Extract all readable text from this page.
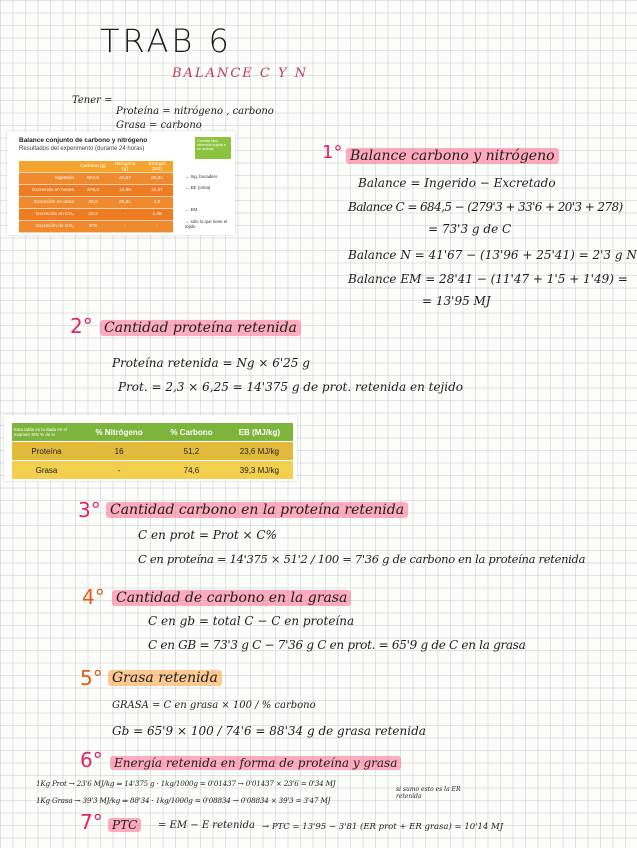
TRAB 6
BALANCE C Y N
Tener =
Proteína = nitrógeno , carbono
Grasa = carbono
Balance conjunto de carbono y nitrógeno
Resultados del experimento (durante 24 horas)
Comida fácil obtenida sujeta a un animal
	Carbono (g)	Nitrógeno (g)	Energía (MJ)
Ingestión	684,5	41,67	28,41
Excreción en heces	279,3	13,96	11,47
Excreción en orina	33,6	25,41	1,5
Excreción en CH₄	20,3	-	1,49
Excreción de CO₂	278	-	-
→ Ing. bocadero
→ EE (orina)
→ EM
→ sólo lo que tiene el tejido
1° Balance carbono y nitrógeno
Balance = Ingerido − Excretado
Balance C = 684,5 − (279'3 + 33'6 + 20'3 + 278)
= 73'3 g de C
Balance N = 41'67 − (13'96 + 25'41) = 2'3 g N
Balance EM = 28'41 − (11'47 + 1'5 + 1'49) =
= 13'95 MJ
2° Cantidad proteína retenida
Proteína retenida = Ng × 6'25 g
Prot. = 2,3 × 6,25 = 14'375 g de prot. retenida en tejido
Esta tabla es la dada en el examen SIN % de N	% Nitrógeno	% Carbono	EB (MJ/kg)
Proteína	16	51,2	23,6 MJ/kg
Grasa	-	74,6	39,3 MJ/kg
3° Cantidad carbono en la proteína retenida
C en prot = Prot × C%
C en proteína = 14'375 × 51'2 / 100 = 7'36 g de carbono en la proteína retenida
4° Cantidad de carbono en la grasa
C en gb = total C − C en proteína
C en GB = 73'3 g C − 7'36 g C en prot. = 65'9 g de C en la grasa
5° Grasa retenida
GRASA = C en grasa × 100 / % carbono
Gb = 65'9 × 100 / 74'6 = 88'34 g de grasa retenida
6° Energía retenida en forma de proteína y grasa
1Kg Prot → 23'6 MJ/kg ⇒ 14'375 g · 1kg/1000g = 0'01437 → 0'01437 × 23'6 = 0'34 MJ
1Kg Grasa → 39'3 MJ/kg ⇒ 88'34 · 1kg/1000g = 0'08834 → 0'08834 × 39'3 = 3'47 MJ
si sumo esto es la ER retenida
7° PTC	= EM − E retenida → PTC = 13'95 − 3'81 (ER prot + ER grasa) = 10'14 MJ
